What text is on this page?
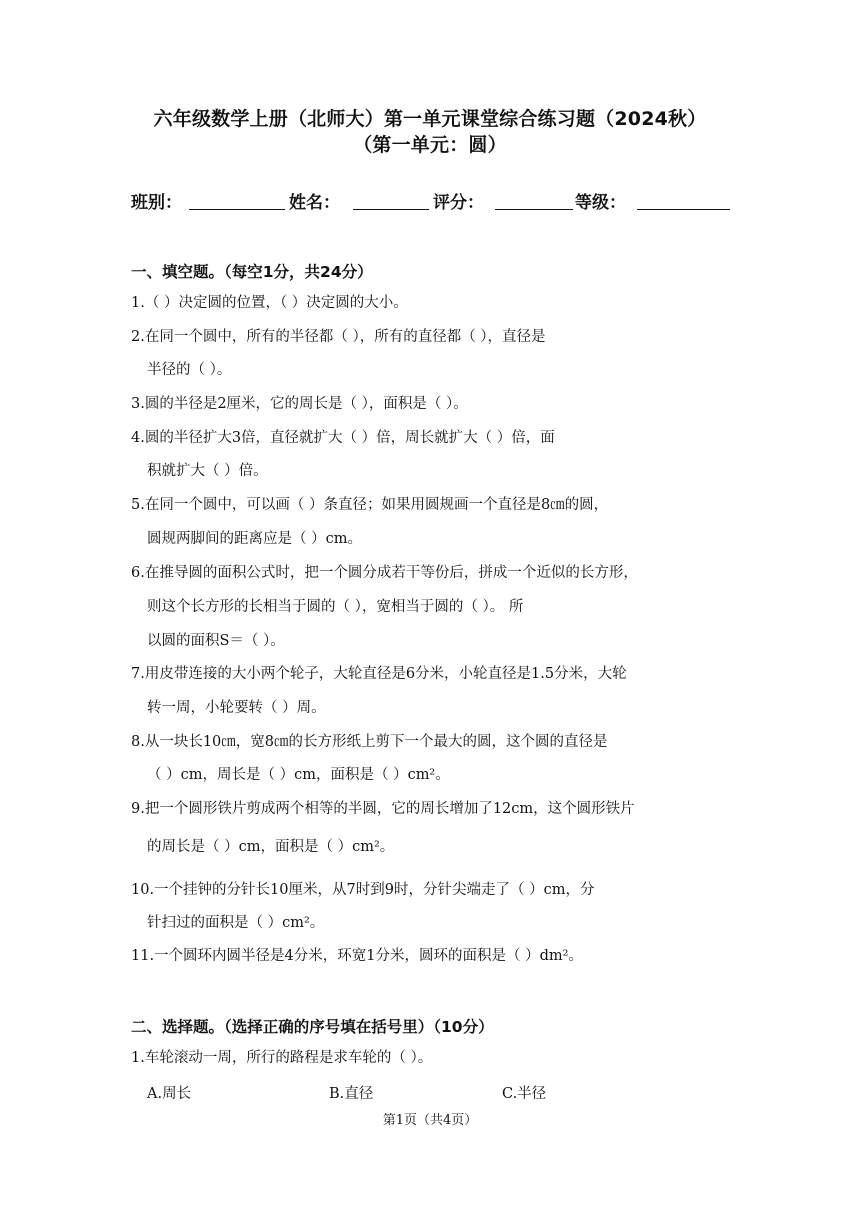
六年级数学上册（北师大）第一单元课堂综合练习题（2024秋）
（第一单元：圆）
班别：	姓名：	评分：	等级：
一、填空题。（每空1分，共24分）
1.（ ）决定圆的位置，（ ）决定圆的大小。
2.在同一个圆中，所有的半径都（ ），所有的直径都（ ），直径是
半径的（ ）。
3.圆的半径是2厘米，它的周长是（ ），面积是（ ）。
4.圆的半径扩大3倍，直径就扩大（ ）倍，周长就扩大（ ）倍，面
积就扩大（ ）倍。
5.在同一个圆中，可以画（ ）条直径；如果用圆规画一个直径是8㎝的圆，
圆规两脚间的距离应是（ ）cm。
6.在推导圆的面积公式时，把一个圆分成若干等份后，拼成一个近似的长方形，
则这个长方形的长相当于圆的（ ），宽相当于圆的（ ）。 所
以圆的面积S＝（ ）。
7.用皮带连接的大小两个轮子，大轮直径是6分米，小轮直径是1.5分米，大轮
转一周，小轮要转（ ）周。
8.从一块长10㎝，宽8㎝的长方形纸上剪下一个最大的圆，这个圆的直径是
（ ）cm，周长是（ ）cm，面积是（ ）cm²。
9.把一个圆形铁片剪成两个相等的半圆，它的周长增加了12cm，这个圆形铁片
的周长是（ ）cm，面积是（ ）cm²。
10.一个挂钟的分针长10厘米，从7时到9时，分针尖端走了（ ）cm，分
针扫过的面积是（ ）cm²。
11.一个圆环内圆半径是4分米，环宽1分米，圆环的面积是（ ）dm²。
二、选择题。（选择正确的序号填在括号里）（10分）
1.车轮滚动一周，所行的路程是求车轮的（ ）。
A.周长	B.直径	C.半径
第1页（共4页）
